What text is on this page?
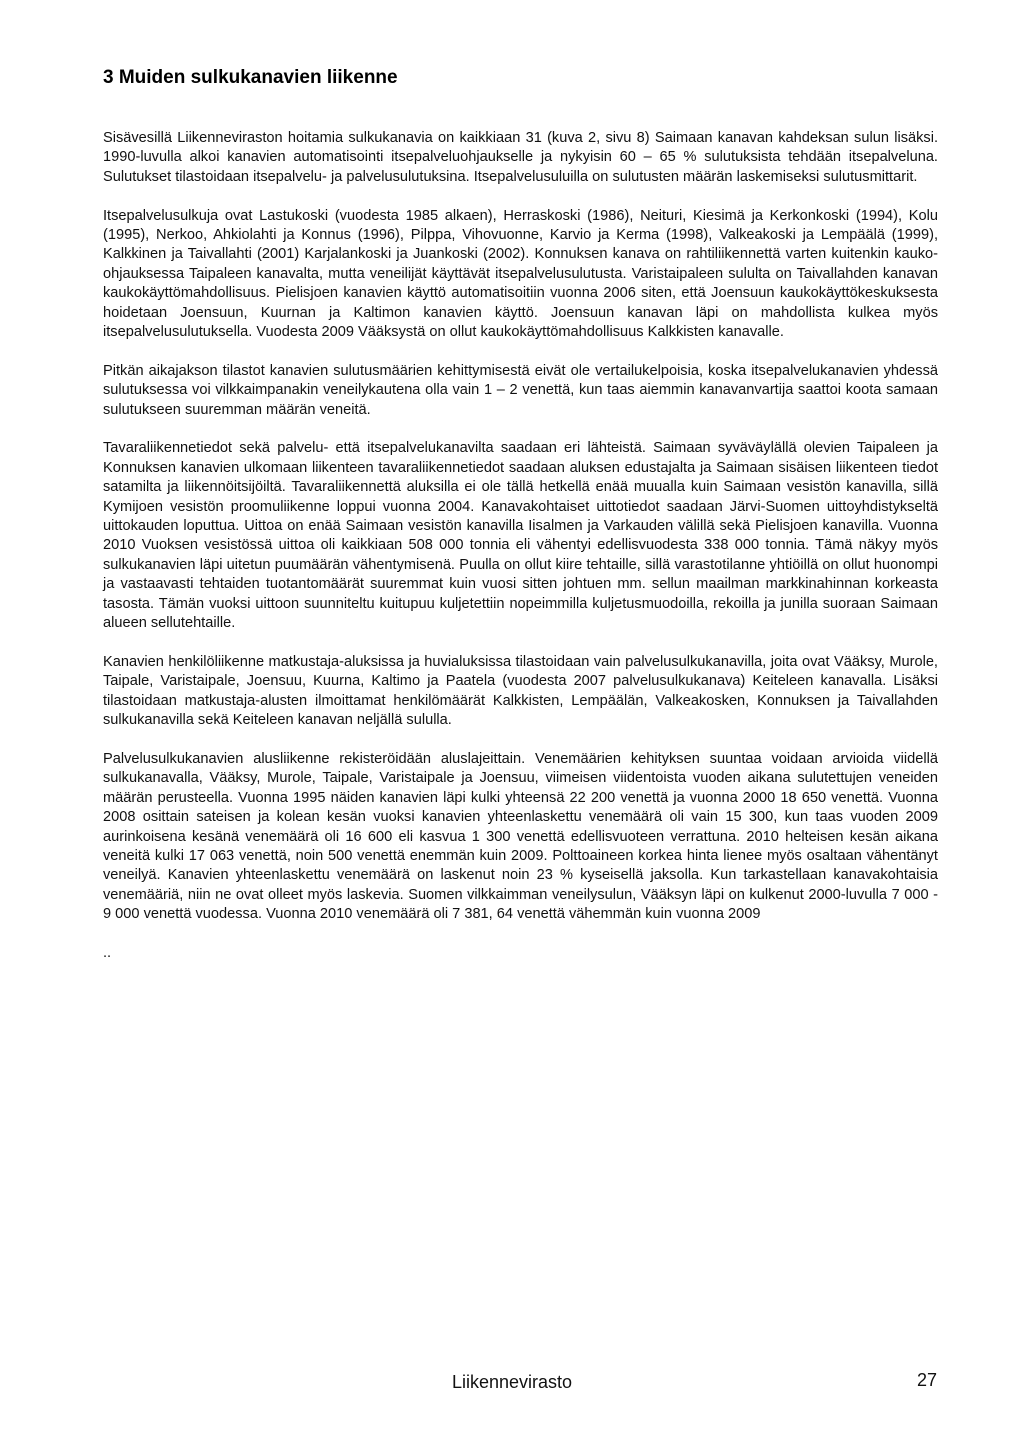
3 Muiden sulkukanavien liikenne

Sisävesillä Liikenneviraston hoitamia sulkukanavia on kaikkiaan 31 (kuva 2, sivu 8) Saimaan kanavan kahdeksan sulun lisäksi. 1990-luvulla alkoi kanavien automatisointi itsepalveluohjaukselle ja nykyisin 60 – 65 % sulutuksista tehdään itsepalveluna. Sulutukset tilastoidaan itsepalvelu- ja palvelusulutuksina. Itsepalvelusuluilla on sulutusten määrän laskemiseksi sulutusmittarit.

Itsepalvelusulkuja ovat Lastukoski (vuodesta 1985 alkaen), Herraskoski (1986), Neituri, Kiesimä ja Kerkonkoski (1994), Kolu (1995), Nerkoo, Ahkiolahti ja Konnus (1996), Pilppa, Vihovuonne, Karvio ja Kerma (1998), Valkeakoski ja Lempäälä (1999), Kalkkinen ja Taivallahti (2001) Karjalankoski ja Juankoski (2002). Konnuksen kanava on rahtiliikennettä varten kuitenkin kauko-ohjauksessa Taipaleen kanavalta, mutta veneilijät käyttävät itsepalvelusulutusta. Varistaipaleen sululta on Taivallahden kanavan kaukokäyttömahdollisuus. Pielisjoen kanavien käyttö automatisoitiin vuonna 2006 siten, että Joensuun kaukokäyttökeskuksesta hoidetaan Joensuun, Kuurnan ja Kaltimon kanavien käyttö. Joensuun kanavan läpi on mahdollista kulkea myös itsepalvelusulutuksella. Vuodesta 2009 Vääksystä on ollut kaukokäyttömahdollisuus Kalkkisten kanavalle.

Pitkän aikajakson tilastot kanavien sulutusmäärien kehittymisestä eivät ole vertailukelpoisia, koska itsepalvelukanavien yhdessä sulutuksessa voi vilkkaimpanakin veneilykautena olla vain 1 – 2 venettä, kun taas aiemmin kanavanvartija saattoi koota samaan sulutukseen suuremman määrän veneitä.

Tavaraliikennetiedot sekä palvelu- että itsepalvelukanavilta saadaan eri lähteistä. Saimaan syväväylällä olevien Taipaleen ja Konnuksen kanavien ulkomaan liikenteen tavaraliikennetiedot saadaan aluksen edustajalta ja Saimaan sisäisen liikenteen tiedot satamilta ja liikennöitsijöiltä. Tavaraliikennettä aluksilla ei ole tällä hetkellä enää muualla kuin Saimaan vesistön kanavilla, sillä Kymijoen vesistön proomuliikenne loppui vuonna 2004. Kanavakohtaiset uittotiedot saadaan Järvi-Suomen uittoyhdistykseltä uittokauden loputtua. Uittoa on enää Saimaan vesistön kanavilla Iisalmen ja Varkauden välillä sekä Pielisjoen kanavilla. Vuonna 2010 Vuoksen vesistössä uittoa oli kaikkiaan 508 000 tonnia eli vähentyi edellisvuodesta 338 000 tonnia. Tämä näkyy myös sulkukanavien läpi uitetun puumäärän vähentymisenä. Puulla on ollut kiire tehtaille, sillä varastotilanne yhtiöillä on ollut huonompi ja vastaavasti tehtaiden tuotantomäärät suuremmat kuin vuosi sitten johtuen mm. sellun maailman markkinahinnan korkeasta tasosta. Tämän vuoksi uittoon suunniteltu kuitupuu kuljetettiin nopeimmilla kuljetusmuodoilla, rekoilla ja junilla suoraan Saimaan alueen sellutehtaille.

Kanavien henkilöliikenne matkustaja-aluksissa ja huvialuksissa tilastoidaan vain palvelusulkukanavilla, joita ovat Vääksy, Murole, Taipale, Varistaipale, Joensuu, Kuurna, Kaltimo ja Paatela (vuodesta 2007 palvelusulkukanava) Keiteleen kanavalla. Lisäksi tilastoidaan matkustaja-alusten ilmoittamat henkilömäärät Kalkkisten, Lempäälän, Valkeakosken, Konnuksen ja Taivallahden sulkukanavilla sekä Keiteleen kanavan neljällä sululla.

Palvelusulkukanavien alusliikenne rekisteröidään aluslajeittain. Venemäärien kehityksen suuntaa voidaan arvioida viidellä sulkukanavalla, Vääksy, Murole, Taipale, Varistaipale ja Joensuu, viimeisen viidentoista vuoden aikana sulutettujen veneiden määrän perusteella. Vuonna 1995 näiden kanavien läpi kulki yhteensä 22 200 venettä ja vuonna 2000 18 650 venettä. Vuonna 2008 osittain sateisen ja kolean kesän vuoksi kanavien yhteenlaskettu venemäärä oli vain 15 300, kun taas vuoden 2009 aurinkoisena kesänä venemäärä oli 16 600 eli kasvua 1 300 venettä edellisvuoteen verrattuna. 2010 helteisen kesän aikana veneitä kulki 17 063 venettä, noin 500 venettä enemmän kuin 2009. Polttoaineen korkea hinta lienee myös osaltaan vähentänyt veneilyä. Kanavien yhteenlaskettu venemäärä on laskenut noin 23 % kyseisellä jaksolla. Kun tarkastellaan kanavakohtaisia venemääriä, niin ne ovat olleet myös laskevia. Suomen vilkkaimman veneilysulun, Vääksyn läpi on kulkenut 2000-luvulla 7 000 - 9 000 venettä vuodessa. Vuonna 2010 venemäärä oli 7 381, 64 venettä vähemmän kuin vuonna 2009

..

Liikennevirasto	27
